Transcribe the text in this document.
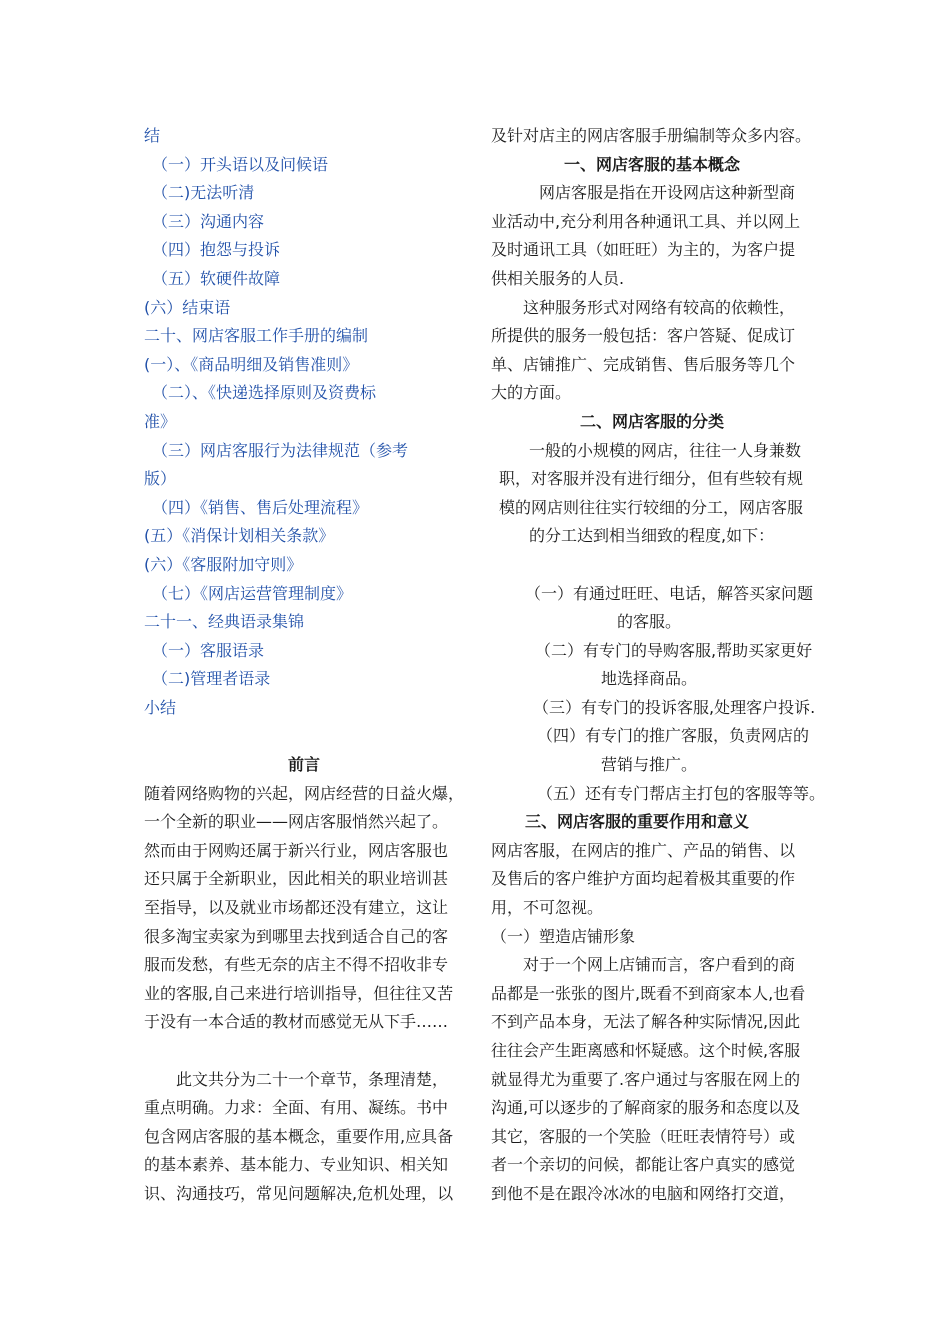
结
（一）开头语以及问候语
（二)无法听清
（三）沟通内容
（四）抱怨与投诉
（五）软硬件故障
(六）结束语
二十、网店客服工作手册的编制
(一）、《商品明细及销售准则》
（二）、《快递选择原则及资费标
准》
（三）网店客服行为法律规范（参考
版）
（四）《销售、售后处理流程》
(五）《消保计划相关条款》
(六）《客服附加守则》
（七）《网店运营管理制度》
二十一、经典语录集锦
（一）客服语录
（二)管理者语录
小结
前言
随着网络购物的兴起，网店经营的日益火爆，
一个全新的职业——网店客服悄然兴起了。
然而由于网购还属于新兴行业，网店客服也
还只属于全新职业，因此相关的职业培训甚
至指导，以及就业市场都还没有建立，这让
很多淘宝卖家为到哪里去找到适合自己的客
服而发愁，有些无奈的店主不得不招收非专
业的客服,自己来进行培训指导，但往往又苦
于没有一本合适的教材而感觉无从下手……
此文共分为二十一个章节，条理清楚，
重点明确。力求：全面、有用、凝练。书中
包含网店客服的基本概念，重要作用,应具备
的基本素养、基本能力、专业知识、相关知
识、沟通技巧，常见问题解决,危机处理，以
及针对店主的网店客服手册编制等众多内容。
一、网店客服的基本概念
网店客服是指在开设网店这种新型商
业活动中,充分利用各种通讯工具、并以网上
及时通讯工具（如旺旺）为主的，为客户提
供相关服务的人员.
这种服务形式对网络有较高的依赖性，
所提供的服务一般包括：客户答疑、促成订
单、店铺推广、完成销售、售后服务等几个
大的方面。
二、网店客服的分类
一般的小规模的网店，往往一人身兼数
职，对客服并没有进行细分，但有些较有规
模的网店则往往实行较细的分工，网店客服
的分工达到相当细致的程度,如下：
（一）有通过旺旺、电话，解答买家问题
的客服。
（二）有专门的导购客服,帮助买家更好
地选择商品。
（三）有专门的投诉客服,处理客户投诉.
（四）有专门的推广客服，负责网店的
营销与推广。
（五）还有专门帮店主打包的客服等等。
三、网店客服的重要作用和意义
网店客服，在网店的推广、产品的销售、以
及售后的客户维护方面均起着极其重要的作
用，不可忽视。
（一）塑造店铺形象
对于一个网上店铺而言，客户看到的商
品都是一张张的图片,既看不到商家本人,也看
不到产品本身，无法了解各种实际情况,因此
往往会产生距离感和怀疑感。这个时候,客服
就显得尤为重要了.客户通过与客服在网上的
沟通,可以逐步的了解商家的服务和态度以及
其它，客服的一个笑脸（旺旺表情符号）或
者一个亲切的问候，都能让客户真实的感觉
到他不是在跟冷冰冰的电脑和网络打交道，
